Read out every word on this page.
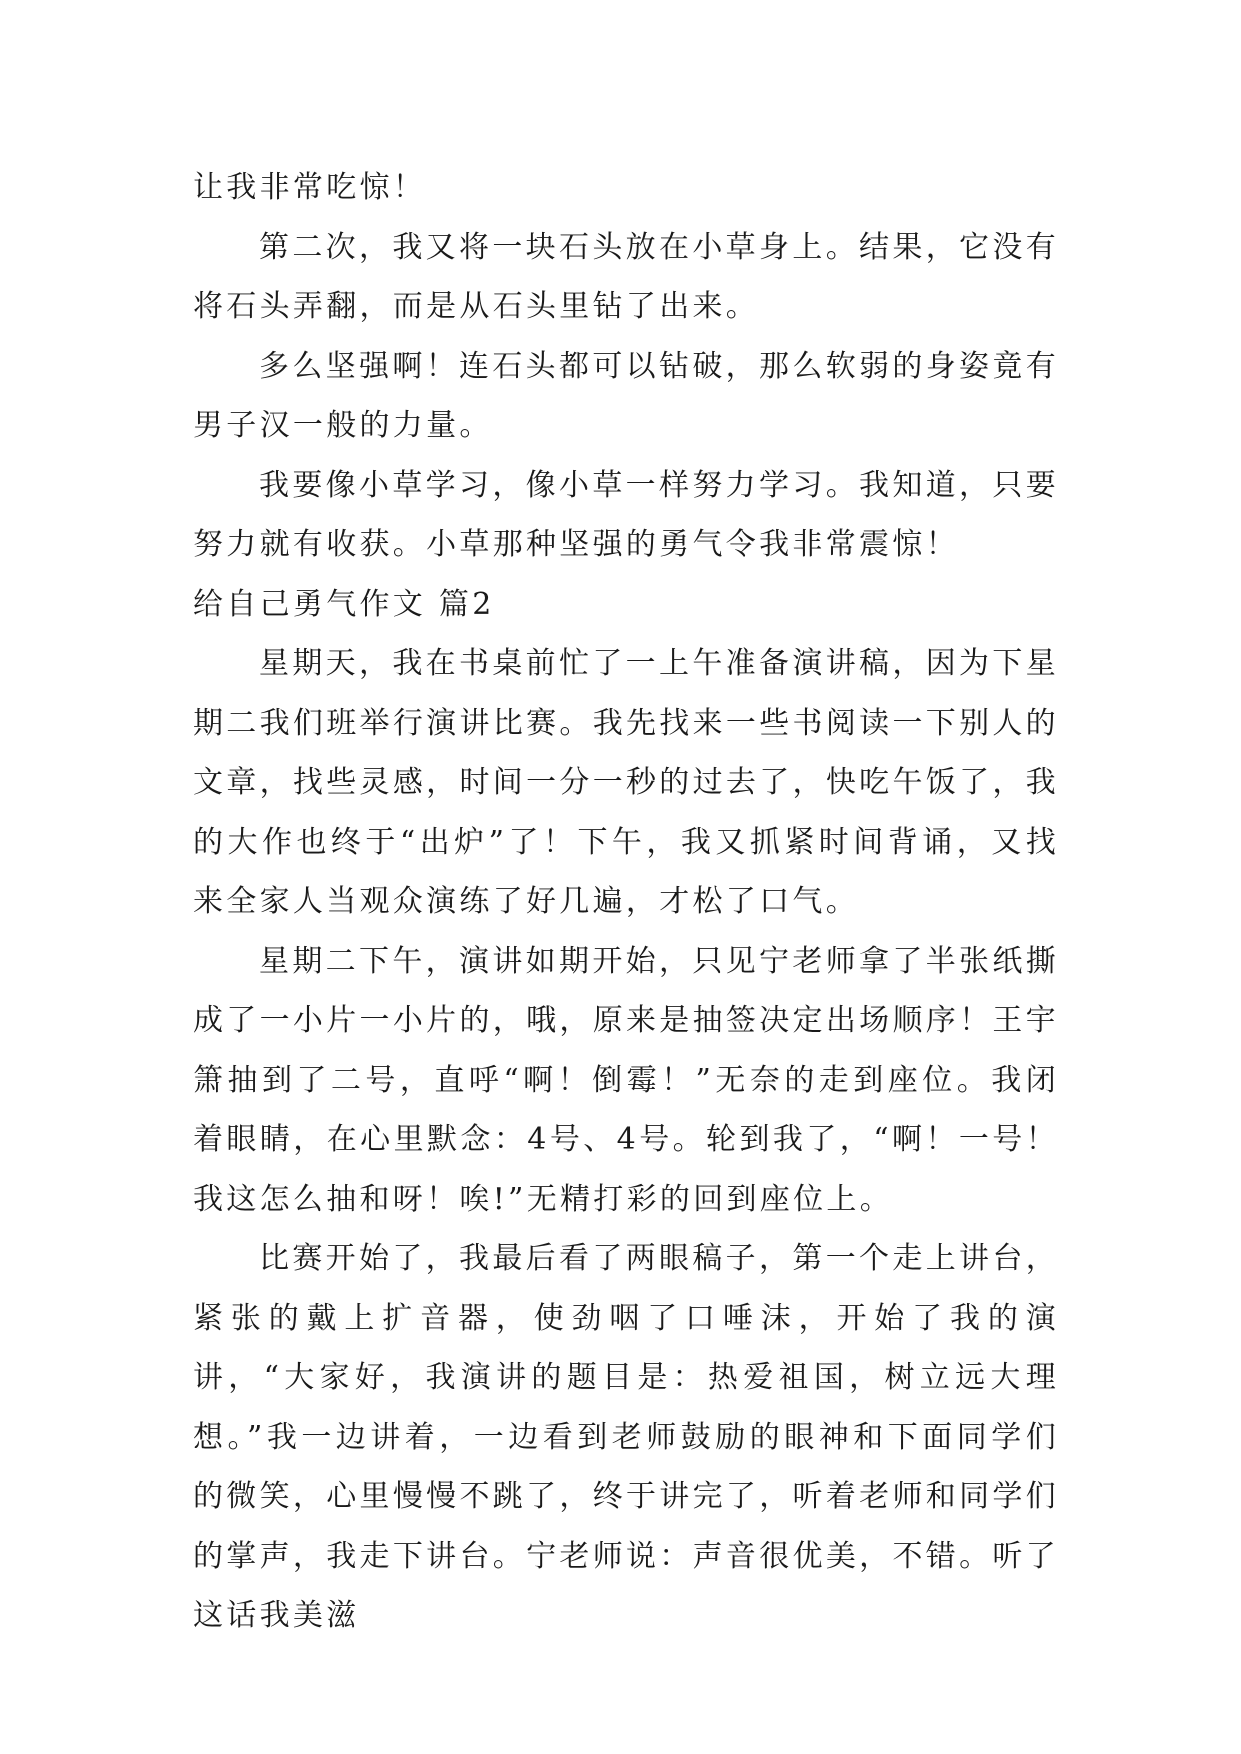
让我非常吃惊！

第二次，我又将一块石头放在小草身上。结果，它没有将石头弄翻，而是从石头里钻了出来。

多么坚强啊！连石头都可以钻破，那么软弱的身姿竟有男子汉一般的力量。

我要像小草学习，像小草一样努力学习。我知道，只要努力就有收获。小草那种坚强的勇气令我非常震惊！

给自己勇气作文 篇2

星期天，我在书桌前忙了一上午准备演讲稿，因为下星期二我们班举行演讲比赛。我先找来一些书阅读一下别人的文章，找些灵感，时间一分一秒的过去了，快吃午饭了，我的大作也终于“出炉”了！下午，我又抓紧时间背诵，又找来全家人当观众演练了好几遍，才松了口气。

星期二下午，演讲如期开始，只见宁老师拿了半张纸撕成了一小片一小片的，哦，原来是抽签决定出场顺序！王宇箫抽到了二号，直呼“啊！倒霉！”无奈的走到座位。我闭着眼睛，在心里默念：4号、4号。轮到我了，“啊！一号！我这怎么抽和呀！唉!”无精打彩的回到座位上。

比赛开始了，我最后看了两眼稿子，第一个走上讲台，紧张的戴上扩音器，使劲咽了口唾沫，开始了我的演讲，“大家好，我演讲的题目是：热爱祖国，树立远大理想。”我一边讲着，一边看到老师鼓励的眼神和下面同学们的微笑，心里慢慢不跳了，终于讲完了，听着老师和同学们的掌声，我走下讲台。宁老师说：声音很优美，不错。听了这话我美滋
